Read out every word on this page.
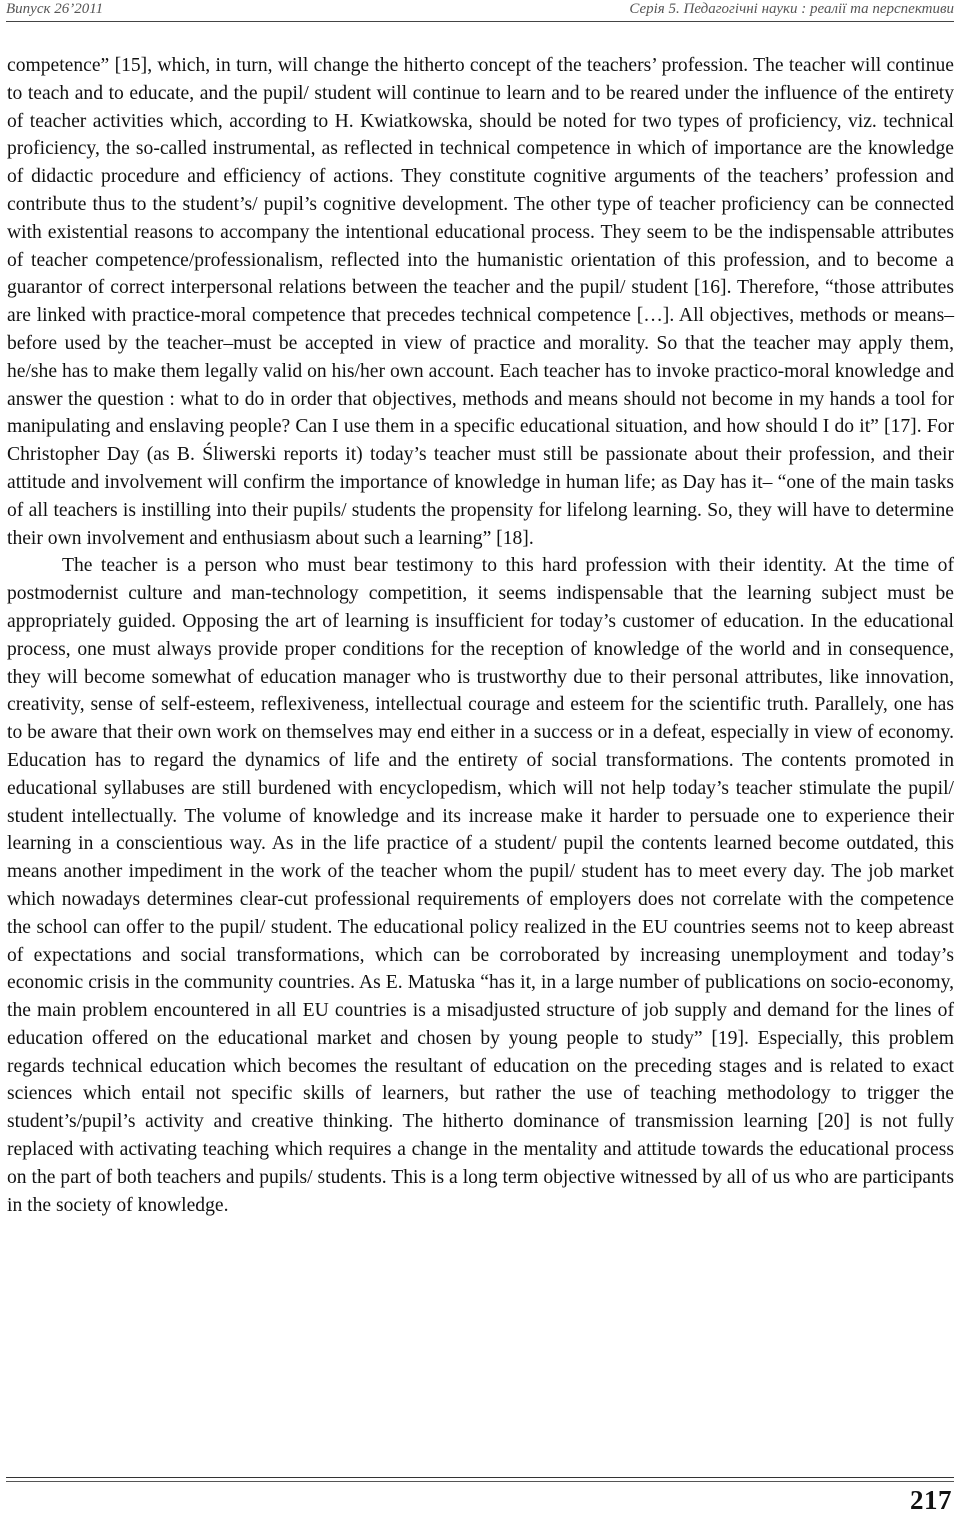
Випуск 26’2011	Серія 5. Педагогічні науки : реалії та перспективи

competence” [15], which, in turn, will change the hitherto concept of the teachers’ profession. The teacher will continue to teach and to educate, and the pupil/ student will continue to learn and to be reared under the influence of the entirety of teacher activities which, according to H. Kwiatkowska, should be noted for two types of proficiency, viz. technical proficiency, the so-called instrumental, as reflected in technical competence in which of importance are the knowledge of didactic procedure and efficiency of actions. They constitute cognitive arguments of the teachers’ profession and contribute thus to the student’s/ pupil’s cognitive development. The other type of teacher proficiency can be connected with existential reasons to accompany the intentional educational process. They seem to be the indispensable attributes of teacher competence/professionalism, reflected into the humanistic orientation of this profession, and to become a guarantor of correct interpersonal relations between the teacher and the pupil/ student [16]. Therefore, “those attributes are linked with practice-moral competence that precedes technical competence […]. All objectives, methods or means–before used by the teacher–must be accepted in view of practice and morality. So that the teacher may apply them, he/she has to make them legally valid on his/her own account. Each teacher has to invoke practico-moral knowledge and answer the question : what to do in order that objectives, methods and means should not become in my hands a tool for manipulating and enslaving people? Can I use them in a specific educational situation, and how should I do it” [17]. For Christopher Day (as B. Śliwerski reports it) today’s teacher must still be passionate about their profession, and their attitude and involvement will confirm the importance of knowledge in human life; as Day has it– “one of the main tasks of all teachers is instilling into their pupils/ students the propensity for lifelong learning. So, they will have to determine their own involvement and enthusiasm about such a learning” [18].

The teacher is a person who must bear testimony to this hard profession with their identity. At the time of postmodernist culture and man-technology competition, it seems indispensable that the learning subject must be appropriately guided. Opposing the art of learning is insufficient for today’s customer of education. In the educational process, one must always provide proper conditions for the reception of knowledge of the world and in consequence, they will become somewhat of education manager who is trustworthy due to their personal attributes, like innovation, creativity, sense of self-esteem, reflexiveness, intellectual courage and esteem for the scientific truth. Parallely, one has to be aware that their own work on themselves may end either in a success or in a defeat, especially in view of economy. Education has to regard the dynamics of life and the entirety of social transformations. The contents promoted in educational syllabuses are still burdened with encyclopedism, which will not help today’s teacher stimulate the pupil/ student intellectually. The volume of knowledge and its increase make it harder to persuade one to experience their learning in a conscientious way. As in the life practice of a student/ pupil the contents learned become outdated, this means another impediment in the work of the teacher whom the pupil/ student has to meet every day. The job market which nowadays determines clear-cut professional requirements of employers does not correlate with the competence the school can offer to the pupil/ student. The educational policy realized in the EU countries seems not to keep abreast of expectations and social transformations, which can be corroborated by increasing unemployment and today’s economic crisis in the community countries. As E. Matuska “has it, in a large number of publications on socio-economy, the main problem encountered in all EU countries is a misadjusted structure of job supply and demand for the lines of education offered on the educational market and chosen by young people to study” [19]. Especially, this problem regards technical education which becomes the resultant of education on the preceding stages and is related to exact sciences which entail not specific skills of learners, but rather the use of teaching methodology to trigger the student’s/pupil’s activity and creative thinking. The hitherto dominance of transmission learning [20] is not fully replaced with activating teaching which requires a change in the mentality and attitude towards the educational process on the part of both teachers and pupils/ students. This is a long term objective witnessed by all of us who are participants in the society of knowledge.

217
